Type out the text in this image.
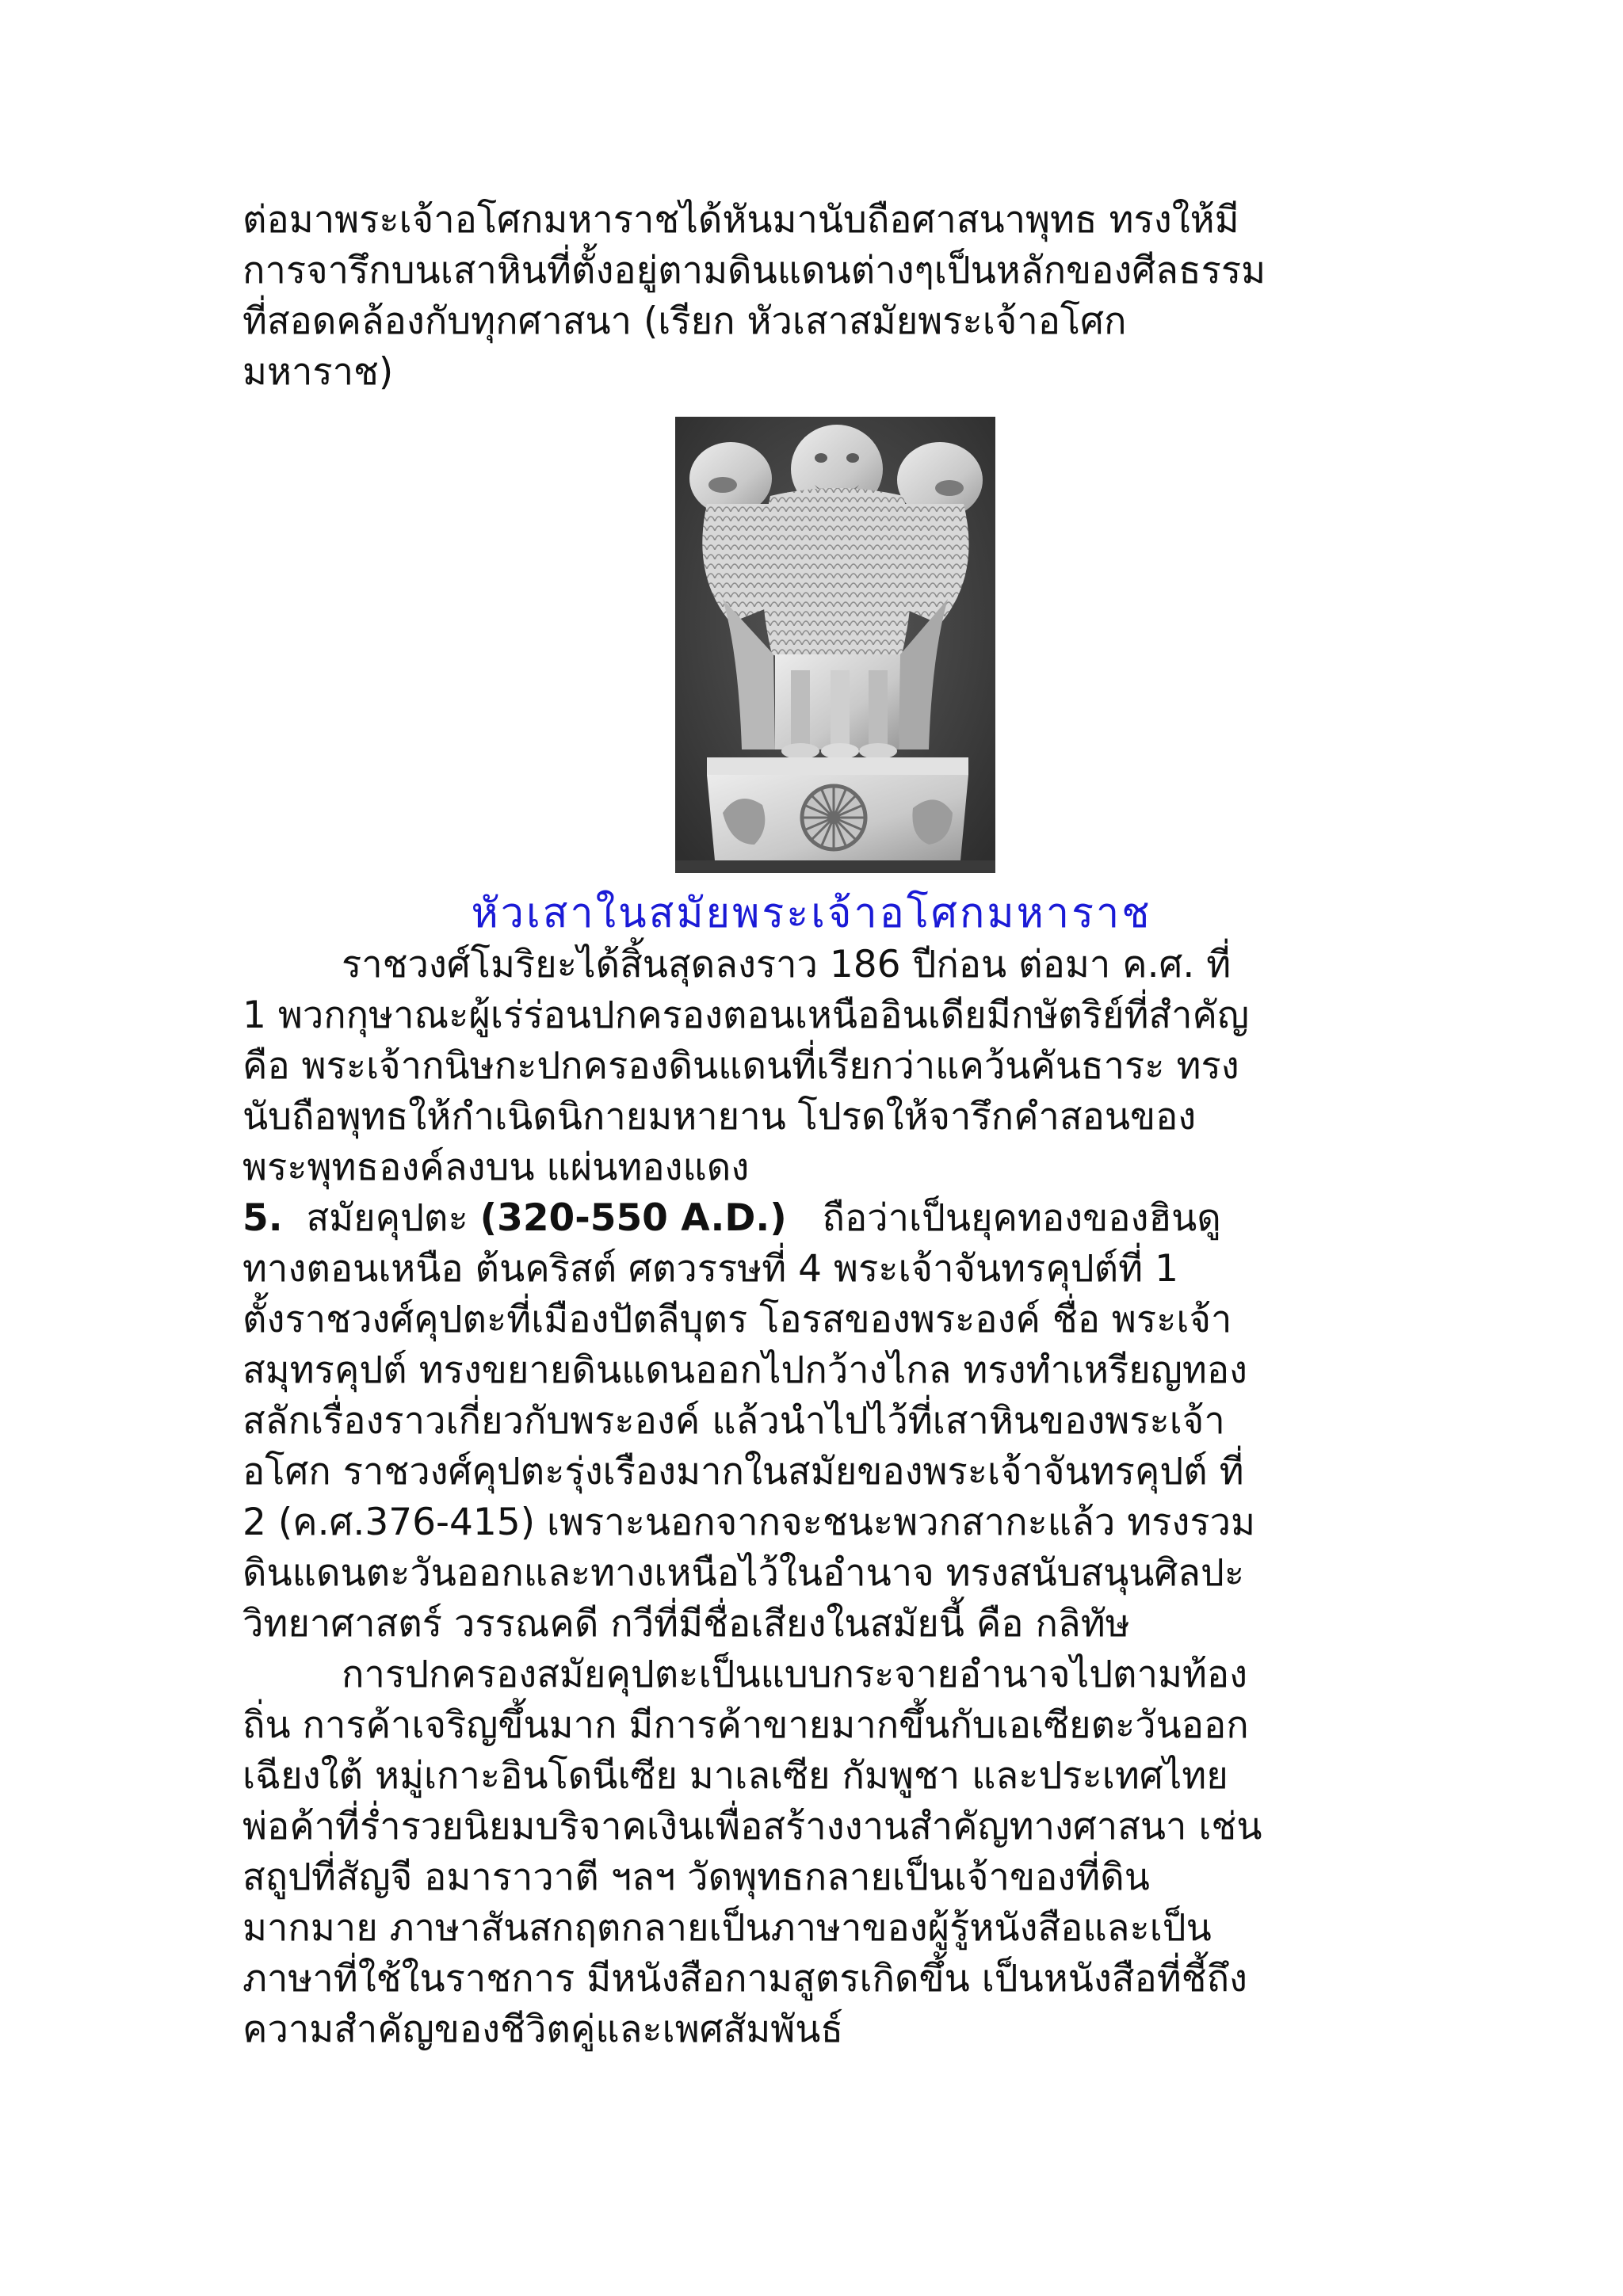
ต่อมาพระเจ้าอโศกมหาราชได้หันมานับถือศาสนาพุทธ ทรงให้มี
การจารึกบนเสาหินที่ตั้งอยู่ตามดินแดนต่างๆเป็นหลักของศีลธรรม
ที่สอดคล้องกับทุกศาสนา (เรียก หัวเสาสมัยพระเจ้าอโศก
มหาราช)
หัวเสาในสมัยพระเจ้าอโศกมหาราช
ราชวงศ์โมริยะได้สิ้นสุดลงราว 186 ปีก่อน ต่อมา ค.ศ. ที่
1 พวกกุษาณะผู้เร่ร่อนปกครองตอนเหนืออินเดียมีกษัตริย์ที่สำคัญ
คือ พระเจ้ากนิษกะปกครองดินแดนที่เรียกว่าแคว้นคันธาระ ทรง
นับถือพุทธให้กำเนิดนิกายมหายาน โปรดให้จารึกคำสอนของ
พระพุทธองค์ลงบน แผ่นทองแดง
5. สมัยคุปตะ (320-550 A.D.) ถือว่าเป็นยุคทองของฮินดู
ทางตอนเหนือ ต้นคริสต์ ศตวรรษที่ 4 พระเจ้าจันทรคุปต์ที่ 1
ตั้งราชวงศ์คุปตะที่เมืองปัตลีบุตร โอรสของพระองค์ ชื่อ พระเจ้า
สมุทรคุปต์ ทรงขยายดินแดนออกไปกว้างไกล ทรงทำเหรียญทอง
สลักเรื่องราวเกี่ยวกับพระองค์ แล้วนำไปไว้ที่เสาหินของพระเจ้า
อโศก ราชวงศ์คุปตะรุ่งเรืองมากในสมัยของพระเจ้าจันทรคุปต์ ที่
2 (ค.ศ.376-415) เพราะนอกจากจะชนะพวกสากะแล้ว ทรงรวม
ดินแดนตะวันออกและทางเหนือไว้ในอำนาจ ทรงสนับสนุนศิลปะ
วิทยาศาสตร์ วรรณคดี กวีที่มีชื่อเสียงในสมัยนี้ คือ กลิทัษ
การปกครองสมัยคุปตะเป็นแบบกระจายอำนาจไปตามท้อง
ถิ่น การค้าเจริญขึ้นมาก มีการค้าขายมากขึ้นกับเอเซียตะวันออก
เฉียงใต้ หมู่เกาะอินโดนีเซีย มาเลเซีย กัมพูชา และประเทศไทย
พ่อค้าที่ร่ำรวยนิยมบริจาคเงินเพื่อสร้างงานสำคัญทางศาสนา เช่น
สถูปที่สัญจี อมาราวาตี ฯลฯ วัดพุทธกลายเป็นเจ้าของที่ดิน
มากมาย ภาษาสันสกฤตกลายเป็นภาษาของผู้รู้หนังสือและเป็น
ภาษาที่ใช้ในราชการ มีหนังสือกามสูตรเกิดขึ้น เป็นหนังสือที่ชี้ถึง
ความสำคัญของชีวิตคู่และเพศสัมพันธ์
